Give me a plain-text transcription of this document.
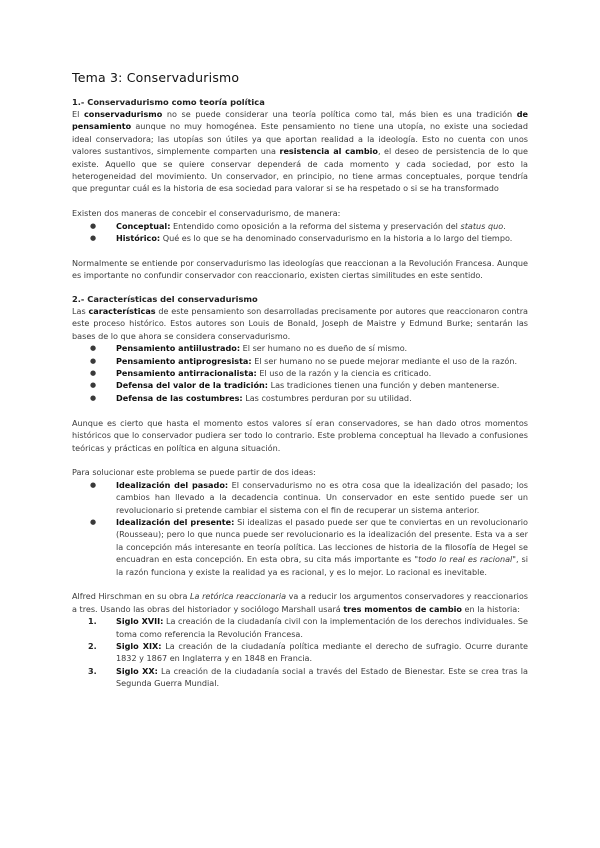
Tema 3: Conservadurismo
1.- Conservadurismo como teoría política

El conservadurismo no se puede considerar una teoría política como tal, más bien es una tradición de pensamiento aunque no muy homogénea. Este pensamiento no tiene una utopía, no existe una sociedad ideal conservadora; las utopías son útiles ya que aportan realidad a la ideología. Esto no cuenta con unos valores sustantivos, simplemente comparten una resistencia al cambio, el deseo de persistencia de lo que existe. Aquello que se quiere conservar dependerá de cada momento y cada sociedad, por esto la heterogeneidad del movimiento. Un conservador, en principio, no tiene armas conceptuales, porque tendría que preguntar cuál es la historia de esa sociedad para valorar si se ha respetado o si se ha transformado

Existen dos maneras de concebir el conservadurismo, de manera:

● Conceptual: Entendido como oposición a la reforma del sistema y preservación del status quo.
● Histórico: Qué es lo que se ha denominado conservadurismo en la historia a lo largo del tiempo.

Normalmente se entiende por conservadurismo las ideologías que reaccionan a la Revolución Francesa. Aunque es importante no confundir conservador con reaccionario, existen ciertas similitudes en este sentido.

2.- Características del conservadurismo

Las características de este pensamiento son desarrolladas precisamente por autores que reaccionaron contra este proceso histórico. Estos autores son Louis de Bonald, Joseph de Maistre y Edmund Burke; sentarán las bases de lo que ahora se considera conservadurismo.

● Pensamiento antiilustrado: El ser humano no es dueño de sí mismo.
● Pensamiento antiprogresista: El ser humano no se puede mejorar mediante el uso de la razón.
● Pensamiento antirracionalista: El uso de la razón y la ciencia es criticado.
● Defensa del valor de la tradición: Las tradiciones tienen una función y deben mantenerse.
● Defensa de las costumbres: Las costumbres perduran por su utilidad.

Aunque es cierto que hasta el momento estos valores sí eran conservadores, se han dado otros momentos históricos que lo conservador pudiera ser todo lo contrario. Este problema conceptual ha llevado a confusiones teóricas y prácticas en política en alguna situación.

Para solucionar este problema se puede partir de dos ideas:

● Idealización del pasado: El conservadurismo no es otra cosa que la idealización del pasado; los cambios han llevado a la decadencia continua. Un conservador en este sentido puede ser un revolucionario si pretende cambiar el sistema con el fin de recuperar un sistema anterior.
● Idealización del presente: Si idealizas el pasado puede ser que te conviertas en un revolucionario (Rousseau); pero lo que nunca puede ser revolucionario es la idealización del presente. Esta va a ser la concepción más interesante en teoría política. Las lecciones de historia de la filosofía de Hegel se encuadran en esta concepción. En esta obra, su cita más importante es "todo lo real es racional", si la razón funciona y existe la realidad ya es racional, y es lo mejor. Lo racional es inevitable.

Alfred Hirschman en su obra La retórica reaccionaria va a reducir los argumentos conservadores y reaccionarios a tres. Usando las obras del historiador y sociólogo Marshall usará tres momentos de cambio en la historia:

1. Siglo XVII: La creación de la ciudadanía civil con la implementación de los derechos individuales. Se toma como referencia la Revolución Francesa.
2. Siglo XIX: La creación de la ciudadanía política mediante el derecho de sufragio. Ocurre durante 1832 y 1867 en Inglaterra y en 1848 en Francia.
3. Siglo XX: La creación de la ciudadanía social a través del Estado de Bienestar. Este se crea tras la Segunda Guerra Mundial.
